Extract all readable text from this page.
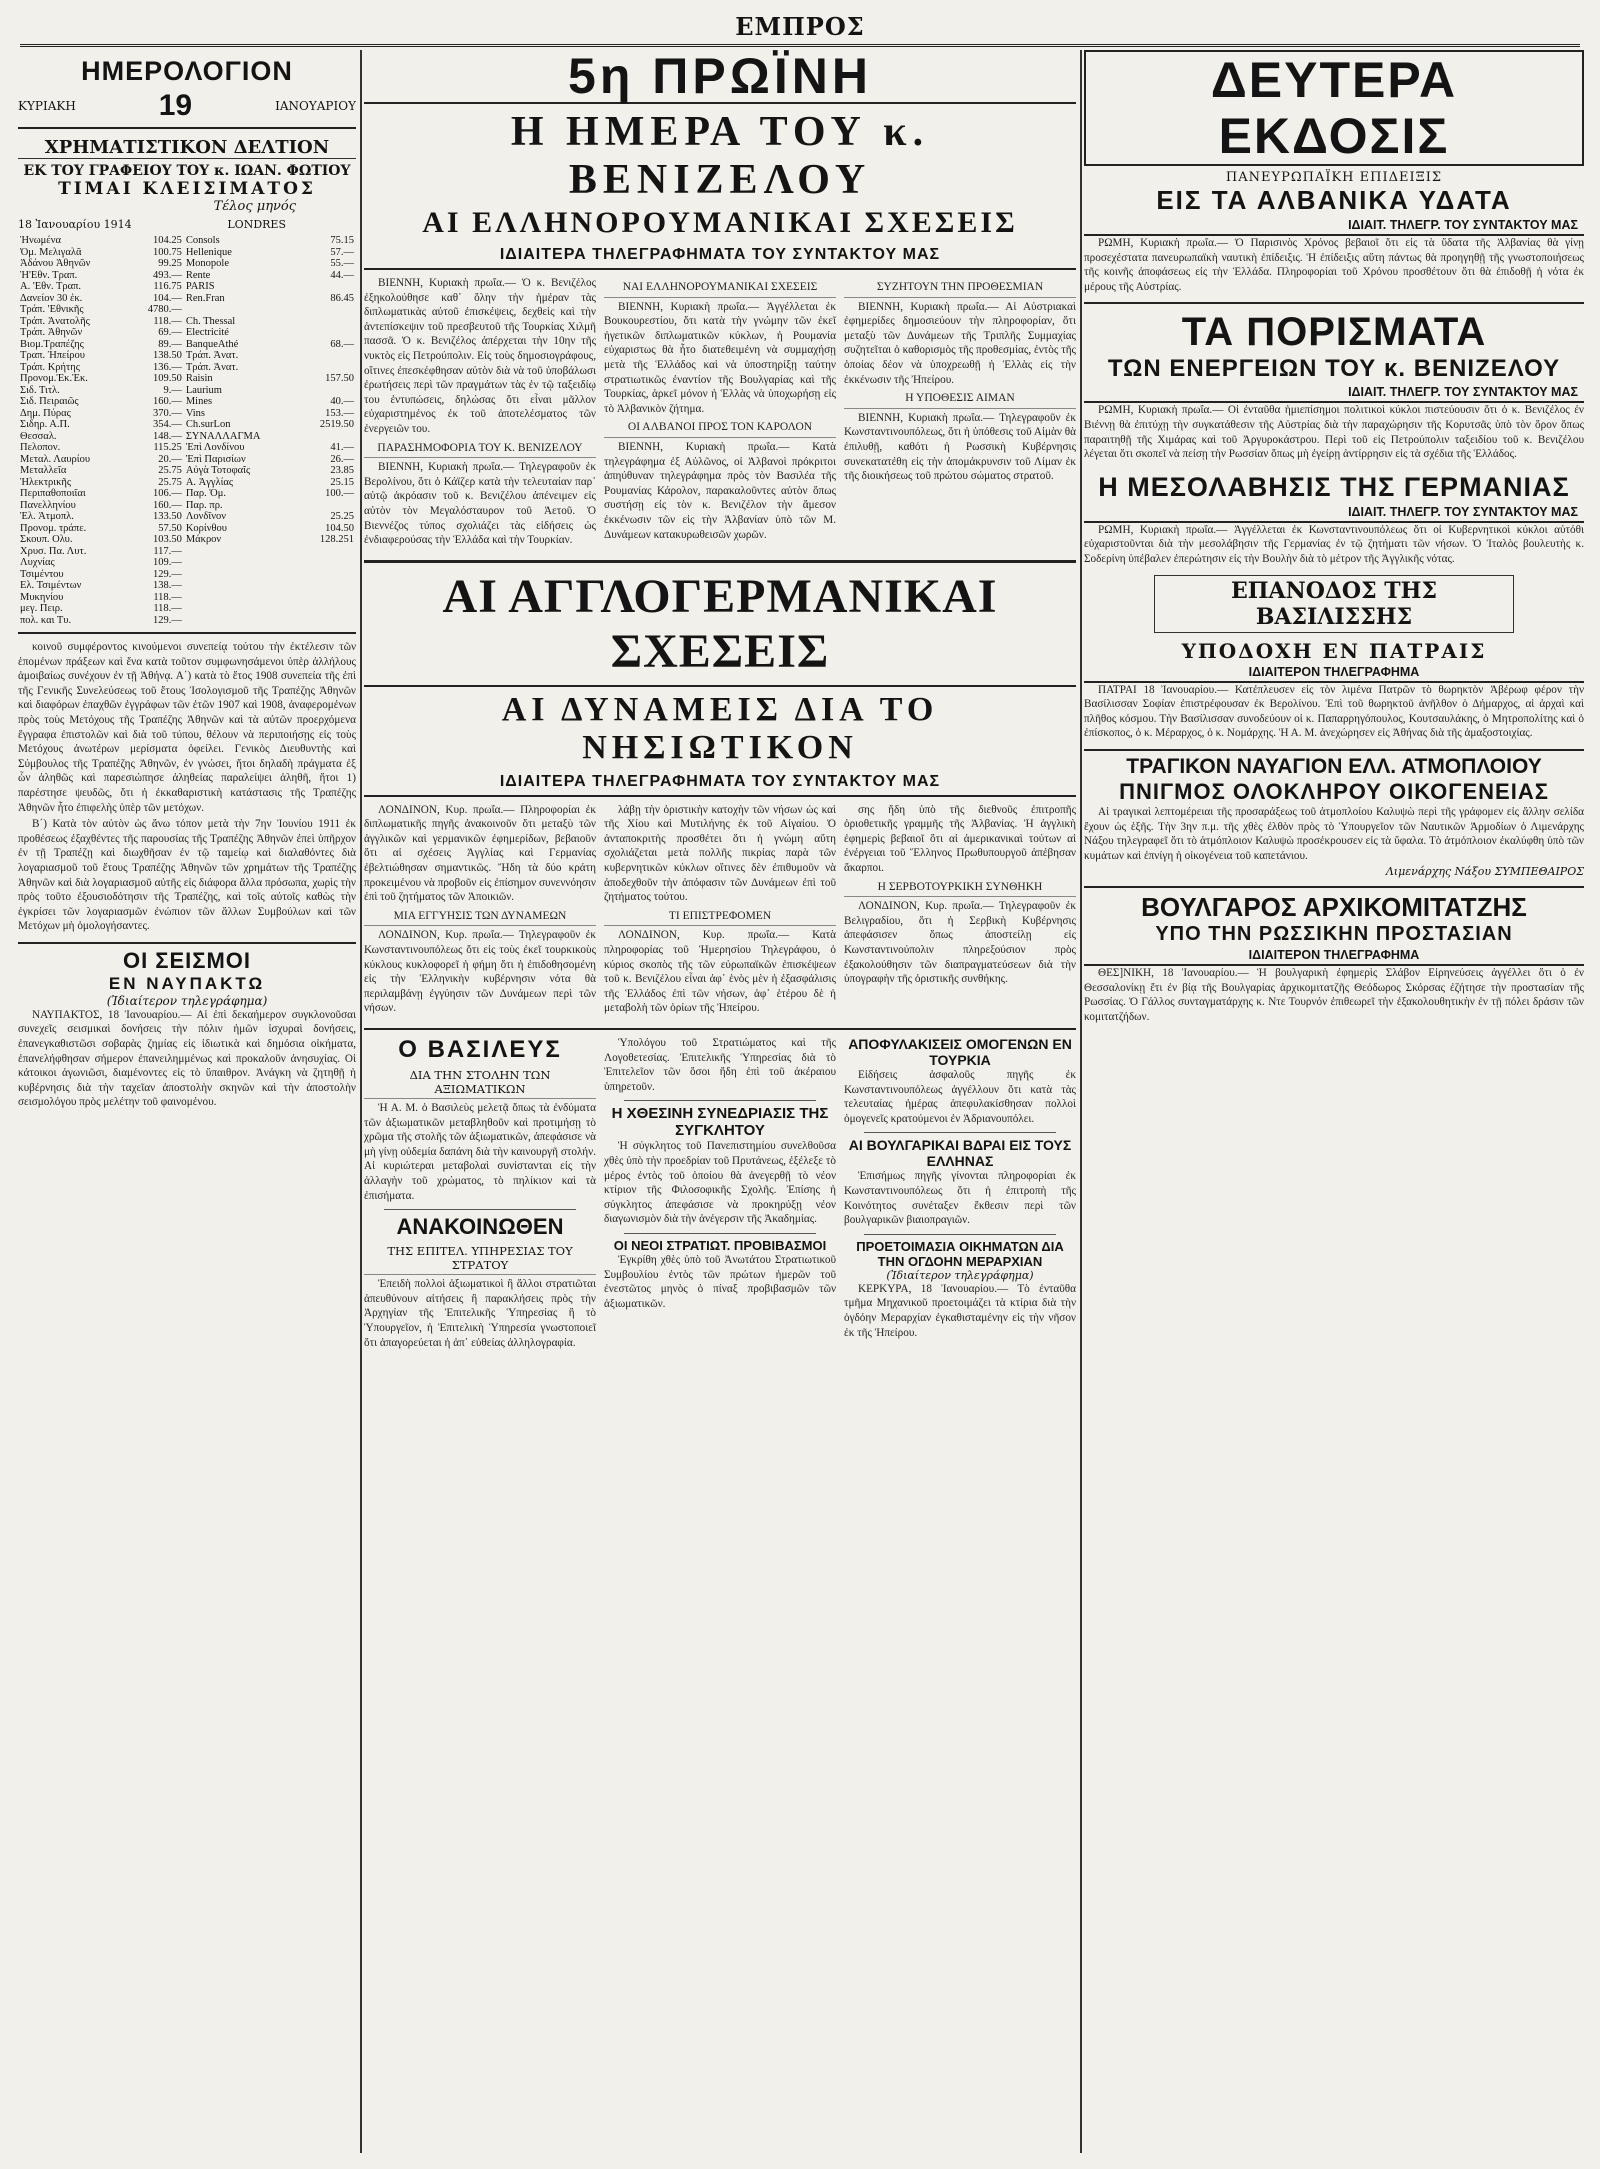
ΕΜΠΡΟΣ
ΗΜΕΡΟΛΟΓΙΟΝ
ΚΥΡΙΑΚΗ	19	ΙΑΝΟΥΑΡΙΟΥ
ΧΡΗΜΑΤΙΣΤΙΚΟΝ ΔΕΛΤΙΟΝ
ΕΚ ΤΟΥ ΓΡΑΦΕΙΟΥ ΤΟΥ κ. ΙΩΑΝ. ΦΩΤΙΟΥ
ΤΙΜΑΙ ΚΛΕΙΣΙΜΑΤΟΣ
Τέλος μηνός
18 Ἰανουαρίου 1914	LONDRES
Ἡνωμένα	104.25	Consols	75.15
Ὀμ. Μελιγαλᾶ	100.75	Hellenique	57.—
Ἀδάνου Ἀθηνῶν	99.25	Monopole	55.—
Ἡ'Εθν. Τραπ.	493.—	Rente	44.—
Α. 'Εθν. Τραπ.	116.75	PARIS	
Δανείον 30 ἐκ.	104.—	Ren.Fran	86.45
Τράπ. 'Εθνικῆς	4780.—		
Τράπ. Ἀνατολῆς	118.—	Ch. Thessal	
Τράπ. Ἀθηνῶν	69.—	Electricité	
Βιομ.Τραπέζης	89.—	BanqueAthé	68.—
Τραπ. Ἠπείρου	138.50	Τράπ. Ἀνατ.	
Τράπ. Κρήτης	136.—	Τράπ. Ἀνατ.	
Προνομ.Ἐκ.Ἐκ.	109.50	Raisin	157.50
Σιδ. Τιτλ.	9.—	Laurium	
Σιδ. Πειραιῶς	160.—	Mines	40.—
Δημ. Πύρας	370.—	Vins	153.—
Σιδηρ. Α.Π.	354.—	Ch.surLon	2519.50
Θεσσαλ.	148.—	ΣΥΝΑΛΛΑΓΜΑ	
Πελοπον.	115.25	Ἐπὶ Λονδίνου	41.—
Μεταλ. Λαυρίου	20.—	Ἐπὶ Παρισίων	26.—
Μεταλλεῖα	25.75	Αὐγὰ Τοτοφαῖς	23.85
Ἠλεκτρικῆς	25.75	Α. Ἀγγλίας	25.15
Περιπαθοποιῖαι	106.—	Παρ. Ὁμ.	100.—
Πανελληνίου	160.—	Παρ. πρ.	
Ἐλ. Ἀτμοπλ.	133.50	Λονδῖνον	25.25
Προνομ. τράπε.	57.50	Κορίνθου	104.50
Σκουπ. Ολυ.	103.50	Μάκρον	128.251
Χρυσ. Πα. Λυτ.	117.—		
Λυχνίας	109.—		
Τσιμέντου	129.—		
Ελ. Τσιμέντων	138.—		
Μυκηνίου	118.—		
μεγ. Πειρ.	118.—		
πολ. και Τυ.	129.—		

κοινοῦ συμφέροντος κινούμενοι συνεπείᾳ τούτου τὴν ἐκτέλεσιν τῶν ἑπομένων πράξεων καὶ ἕνα κατὰ τοῦτον συμφωνησάμενοι ὑπὲρ ἀλλήλους ἀμοιβαίως συνέχουν ἐν τῇ Ἀθήνᾳ. Α΄) κατὰ τὸ ἔτος 1908 συνεπεία τῆς ἐπὶ τῆς Γενικῆς Συνελεύσεως τοῦ ἔτους Ἰσολογισμοῦ τῆς Τραπέζης Ἀθηνῶν καὶ διαφόρων ἐπαχθῶν ἐγγράφων τῶν ἐτῶν 1907 καὶ 1908, ἀναφερομένων πρὸς τοὺς Μετόχους τῆς Τραπέζης Ἀθηνῶν καὶ τὰ αὐτῶν προερχόμενα ἔγγραφα ἐπιστολῶν καὶ διὰ τοῦ τύπου, θέλουν νὰ περιποιήσῃς εἰς τοὺς Μετόχους ἀνωτέρων μερίσματα ὀφείλει. Γενικὸς Διευθυντὴς καὶ Σύμβουλος τῆς Τραπέζης Ἀθηνῶν, ἐν γνώσει, ἤτοι δηλαδὴ πράγματα ἐξ ὧν ἀληθῶς καὶ παρεσιώπησε ἀληθείας παραλείψει ἀληθῆ, ἤτοι 1) παρέστησε ψευδῶς, ὅτι ἡ ἐκκαθαριστικὴ κατάστασις τῆς Τραπέζης Ἀθηνῶν ἦτο ἐπιφελὴς ὑπὲρ τῶν μετόχων.

Β΄) Κατὰ τὸν αὐτὸν ὡς ἄνω τόπον μετὰ τὴν 7ην Ἰουνίου 1911 ἐκ προθέσεως ἐξαχθέντες τῆς παρουσίας τῆς Τραπέζης Ἀθηνῶν ἐπεὶ ὑπῆρχον ἐν τῇ Τραπέζῃ καὶ διωχθῆσαν ἐν τῷ ταμείῳ καὶ διαλαθόντες διὰ λογαριασμοῦ τοῦ ἔτους Τραπέζης Ἀθηνῶν τῶν χρημάτων τῆς Τραπέζης Ἀθηνῶν καὶ διὰ λογαριασμοῦ αὐτῆς εἰς διάφορα ἄλλα πρόσωπα, χωρὶς τὴν πρὸς τοῦτο ἐξουσιοδότησιν τῆς Τραπέζης, καὶ τοῖς αὐτοῖς καθὼς τὴν ἐγκρίσει τῶν λογαριασμῶν ἐνώπιον τῶν ἄλλων Συμβούλων καὶ τῶν Μετόχων μὴ ὁμολογήσαντες.

ΟΙ ΣΕΙΣΜΟΙ
ΕΝ ΝΑΥΠΑΚΤΩ
(Ἰδιαίτερον τηλεγράφημα)

ΝΑΥΠΑΚΤΟΣ, 18 Ἰανουαρίου.— Αἱ ἐπὶ δεκαήμερον συγκλονοῦσαι συνεχεῖς σεισμικαὶ δονήσεις τὴν πόλιν ἡμῶν ἰσχυραὶ δονήσεις, ἐπανεγκαθιστῶσι σοβαρὰς ζημίας εἰς ἰδιωτικὰ καὶ δημόσια οἰκήματα, ἐπανελήφθησαν σήμερον ἐπανειλημμένως καὶ προκαλοῦν ἀνησυχίας. Οἱ κάτοικοι ἀγωνιῶσι, διαμένοντες εἰς τὸ ὕπαιθρον. Ἀνάγκη νὰ ζητηθῇ ἡ κυβέρνησις διὰ τὴν ταχεῖαν ἀποστολὴν σκηνῶν καὶ τὴν ἀποστολὴν σεισμολόγου πρὸς μελέτην τοῦ φαινομένου.

5η ΠΡΩΪΝΗ
Η ΗΜΕΡΑ ΤΟΥ κ. ΒΕΝΙΖΕΛΟΥ
ΑΙ ΕΛΛΗΝΟΡΟΥΜΑΝΙΚΑΙ ΣΧΕΣΕΙΣ
ΙΔΙΑΙΤΕΡΑ ΤΗΛΕΓΡΑΦΗΜΑΤΑ ΤΟΥ ΣΥΝΤΑΚΤΟΥ ΜΑΣ

ΒΙΕΝΝΗ, Κυριακὴ πρωΐα.— Ὁ κ. Βενιζέλος ἐξηκολούθησε καθ᾽ ὅλην τὴν ἡμέραν τὰς διπλωματικὰς αὐτοῦ ἐπισκέψεις, δεχθεὶς καὶ τὴν ἀντεπίσκεψιν τοῦ πρεσβευτοῦ τῆς Τουρκίας Χιλμῆ πασσᾶ. Ὁ κ. Βενιζέλος ἀπέρχεται τὴν 10ην τῆς νυκτὸς εἰς Πετρούπολιν. Εἰς τοὺς δημοσιογράφους, οἵτινες ἐπεσκέφθησαν αὐτὸν διὰ νὰ τοῦ ὑποβάλωσι ἐρωτήσεις περὶ τῶν πραγμάτων τὰς ἐν τῷ ταξειδίῳ του ἐντυπώσεις, δηλώσας ὅτι εἶναι μᾶλλον εὐχαριστημένος ἐκ τοῦ ἀποτελέσματος τῶν ἐνεργειῶν του.

ΠΑΡΑΣΗΜΟΦΟΡΙΑ ΤΟΥ Κ. ΒΕΝΙΖΕΛΟΥ

ΒΙΕΝΝΗ, Κυριακὴ πρωΐα.— Τηλεγραφοῦν ἐκ Βερολίνου, ὅτι ὁ Κάϊζερ κατὰ τὴν τελευταίαν παρ᾽ αὐτῷ ἀκρόασιν τοῦ κ. Βενιζέλου ἀπένειμεν εἰς αὐτὸν τὸν Μεγαλόσταυρον τοῦ Ἀετοῦ. Ὁ Βιεννέζος τύπος σχολιάζει τὰς εἰδήσεις ὡς ἐνδιαφερούσας τὴν Ἑλλάδα καὶ τὴν Τουρκίαν.

ΝΑΙ ΕΛΛΗΝΟΡΟΥΜΑΝΙΚΑΙ ΣΧΕΣΕΙΣ

ΒΙΕΝΝΗ, Κυριακὴ πρωΐα.— Ἀγγέλλεται ἐκ Βουκουρεστίου, ὅτι κατὰ τὴν γνώμην τῶν ἐκεῖ ἠγετικῶν διπλωματικῶν κύκλων, ἡ Ρουμανία εὐχαριστως θὰ ἦτο διατεθειμένη νὰ συμμαχήσῃ μετὰ τῆς Ἑλλάδος καὶ νὰ ὑποστηρίξῃ ταύτην στρατιωτικῶς ἐναντίον τῆς Βουλγαρίας καὶ τῆς Τουρκίας, ἀρκεῖ μόνον ἡ Ἑλλὰς νὰ ὑποχωρήσῃ εἰς τὸ Ἀλβανικὸν ζήτημα.

ΟΙ ΑΛΒΑΝΟΙ ΠΡΟΣ ΤΟΝ ΚΑΡΟΛΟΝ

ΒΙΕΝΝΗ, Κυριακὴ πρωΐα.— Κατὰ τηλεγράφημα ἐξ Αὐλῶνος, οἱ Ἀλβανοὶ πρόκριτοι ἀπηύθυναν τηλεγράφημα πρὸς τὸν Βασιλέα τῆς Ρουμανίας Κάρολον, παρακαλοῦντες αὐτὸν ὅπως συστήσῃ εἰς τὸν κ. Βενιζέλον τὴν ἄμεσον ἐκκένωσιν τῶν εἰς τὴν Ἀλβανίαν ὑπὸ τῶν Μ. Δυνάμεων κατακυρωθεισῶν χωρῶν.

ΣΥΖΗΤΟΥΝ ΤΗΝ ΠΡΟΘΕΣΜΙΑΝ

ΒΙΕΝΝΗ, Κυριακὴ πρωΐα.— Αἱ Αὐστριακαὶ ἐφημερίδες δημοσιεύουν τὴν πληροφορίαν, ὅτι μεταξὺ τῶν Δυνάμεων τῆς Τριπλῆς Συμμαχίας συζητεῖται ὁ καθορισμὸς τῆς προθεσμίας, ἐντὸς τῆς ὁποίας δέον νὰ ὑποχρεωθῇ ἡ Ἑλλὰς εἰς τὴν ἐκκένωσιν τῆς Ἠπείρου.

Η ΥΠΟΘΕΣΙΣ ΑΙΜΑΝ

ΒΙΕΝΝΗ, Κυριακὴ πρωΐα.— Τηλεγραφοῦν ἐκ Κωνσταντινουπόλεως, ὅτι ἡ ὑπόθεσις τοῦ Αἰμὰν θὰ ἐπιλυθῇ, καθότι ἡ Ρωσσικὴ Κυβέρνησις συνεκατατέθη εἰς τὴν ἀπομάκρυνσιν τοῦ Λίμαν ἐκ τῆς διοικήσεως τοῦ πρώτου σώματος στρατοῦ.

ΑΙ ΑΓΓΛΟΓΕΡΜΑΝΙΚΑΙ ΣΧΕΣΕΙΣ
ΑΙ ΔΥΝΑΜΕΙΣ ΔΙΑ ΤΟ ΝΗΣΙΩΤΙΚΟΝ
ΙΔΙΑΙΤΕΡΑ ΤΗΛΕΓΡΑΦΗΜΑΤΑ ΤΟΥ ΣΥΝΤΑΚΤΟΥ ΜΑΣ

ΛΟΝΔΙΝΟΝ, Κυρ. πρωΐα.— Πληροφορίαι ἐκ διπλωματικῆς πηγῆς ἀνακοινοῦν ὅτι μεταξὺ τῶν ἀγγλικῶν καὶ γερμανικῶν ἐφημερίδων, βεβαιοῦν ὅτι αἱ σχέσεις Ἀγγλίας καὶ Γερμανίας ἐβελτιώθησαν σημαντικῶς. Ἤδη τὰ δύο κράτη προκειμένου νὰ προβοῦν εἰς ἐπίσημον συνεννόησιν ἐπὶ τοῦ ζητήματος τῶν Ἀποικιῶν.

ΜΙΑ ΕΓΓΥΗΣΙΣ ΤΩΝ ΔΥΝΑΜΕΩΝ

ΛΟΝΔΙΝΟΝ, Κυρ. πρωΐα.— Τηλεγραφοῦν ἐκ Κωνσταντινουπόλεως ὅτι εἰς τοὺς ἐκεῖ τουρκικοὺς κύκλους κυκλοφορεῖ ἡ φήμη ὅτι ἡ ἐπιδοθησομένη εἰς τὴν Ἑλληνικὴν κυβέρνησιν νότα θὰ περιλαμβάνῃ ἐγγύησιν τῶν Δυνάμεων περὶ τῶν νήσων.

λάβῃ τὴν ὁριστικὴν κατοχὴν τῶν νήσων ὡς καὶ τῆς Χίου καὶ Μυτιλήνης ἐκ τοῦ Αἰγαίου. Ὁ ἀνταποκριτὴς προσθέτει ὅτι ἡ γνώμη αὕτη σχολιάζεται μετὰ πολλῆς πικρίας παρὰ τῶν κυβερνητικῶν κύκλων οἵτινες δὲν ἐπιθυμοῦν νὰ ἀποδεχθοῦν τὴν ἀπόφασιν τῶν Δυνάμεων ἐπὶ τοῦ ζητήματος τούτου.

ΤΙ ΕΠΙΣΤΡΕΦΟΜΕΝ

ΛΟΝΔΙΝΟΝ, Κυρ. πρωΐα.— Κατὰ πληροφορίας τοῦ Ἡμερησίου Τηλεγράφου, ὁ κύριος σκοπὸς τῆς τῶν εὐρωπαϊκῶν ἐπισκέψεων τοῦ κ. Βενιζέλου εἶναι ἀφ᾽ ἑνὸς μὲν ἡ ἐξασφάλισις τῆς Ἑλλάδος ἐπὶ τῶν νήσων, ἀφ᾽ ἑτέρου δὲ ἡ μεταβολὴ τῶν ὁρίων τῆς Ἠπείρου.

σης ἤδη ὑπὸ τῆς διεθνοῦς ἐπιτροπῆς ὁριοθετικῆς γραμμῆς τῆς Ἀλβανίας. Ἡ ἀγγλικὴ ἐφημερὶς βεβαιοῖ ὅτι αἱ ἀμερικανικαὶ τούτων αἱ ἐνέργειαι τοῦ Ἕλληνος Πρωθυπουργοῦ ἀπέβησαν ἄκαρποι.

Η ΣΕΡΒΟΤΟΥΡΚΙΚΗ ΣΥΝΘΗΚΗ

ΛΟΝΔΙΝΟΝ, Κυρ. πρωΐα.— Τηλεγραφοῦν ἐκ Βελιγραδίου, ὅτι ἡ Σερβικὴ Κυβέρνησις ἀπεφάσισεν ὅπως ἀποστείλῃ εἰς Κωνσταντινούπολιν πληρεξούσιον πρὸς ἐξακολούθησιν τῶν διαπραγματεύσεων διὰ τὴν ὑπογραφὴν τῆς ὁριστικῆς συνθήκης.

Ο ΒΑΣΙΛΕΥΣ
ΔΙΑ ΤΗΝ ΣΤΟΛΗΝ ΤΩΝ ΑΞΙΩΜΑΤΙΚΩΝ

Ἡ Α. Μ. ὁ Βασιλεὺς μελετᾷ ὅπως τὰ ἐνδύματα τῶν ἀξιωματικῶν μεταβληθοῦν καὶ προτιμήσῃ τὸ χρῶμα τῆς στολῆς τῶν ἀξιωματικῶν, ἀπεφάσισε νὰ μὴ γίνῃ οὐδεμία δαπάνη διὰ τὴν καινουργῆ στολήν. Αἱ κυριώτεραι μεταβολαὶ συνίστανται εἰς τὴν ἀλλαγὴν τοῦ χρώματος, τὸ πηλίκιον καὶ τὰ ἐπισήματα.

ΑΝΑΚΟΙΝΩΘΕΝ
ΤΗΣ ΕΠΙΤΕΛ. ΥΠΗΡΕΣΙΑΣ ΤΟΥ ΣΤΡΑΤΟΥ

Ἐπειδὴ πολλοὶ ἀξιωματικοὶ ἢ ἄλλοι στρατιῶται ἀπευθύνουν αἰτήσεις ἢ παρακλήσεις πρὸς τὴν Ἀρχηγίαν τῆς Ἐπιτελικῆς Ὑπηρεσίας ἢ τὸ Ὑπουργεῖον, ἡ Ἐπιτελικὴ Ὑπηρεσία γνωστοποιεῖ ὅτι ἀπαγορεύεται ἡ ἀπ᾽ εὐθείας ἀλληλογραφία.

Ὑπολόγου τοῦ Στρατιώματος καὶ τῆς Λογοθετεσίας. Ἐπιτελικῆς Ὑπηρεσίας διὰ τὸ Ἐπιτελεῖον τῶν ὅσοι ἤδη ἐπὶ τοῦ ἀκέραιου ὑπηρετοῦν.

Η ΧΘΕΣΙΝΗ ΣΥΝΕΔΡΙΑΣΙΣ ΤΗΣ ΣΥΓΚΛΗΤΟΥ

Ἡ σύγκλητος τοῦ Πανεπιστημίου συνελθοῦσα χθὲς ὑπὸ τὴν προεδρίαν τοῦ Πρυτάνεως, ἐξέλεξε τὸ μέρος ἐντὸς τοῦ ὁποίου θὰ ἀνεγερθῇ τὸ νέον κτίριον τῆς Φιλοσοφικῆς Σχολῆς. Ἐπίσης ἡ σύγκλητος ἀπεφάσισε νὰ προκηρύξῃ νέον διαγωνισμὸν διὰ τὴν ἀνέγερσιν τῆς Ἀκαδημίας.

ΟΙ ΝΕΟΙ ΣΤΡΑΤΙΩΤ. ΠΡΟΒΙΒΑΣΜΟΙ

Ἐγκρίθη χθὲς ὑπὸ τοῦ Ἀνωτάτου Στρατιωτικοῦ Συμβουλίου ἐντὸς τῶν πρώτων ἡμερῶν τοῦ ἐνεστῶτος μηνὸς ὁ πίναξ προβιβασμῶν τῶν ἀξιωματικῶν.

ΑΠΟΦΥΛΑΚΙΣΕΙΣ ΟΜΟΓΕΝΩΝ ΕΝ ΤΟΥΡΚΙΑ

Εἰδήσεις ἀσφαλοῦς πηγῆς ἐκ Κωνσταντινουπόλεως ἀγγέλλουν ὅτι κατὰ τὰς τελευταίας ἡμέρας ἀπεφυλακίσθησαν πολλοὶ ὁμογενεῖς κρατούμενοι ἐν Ἀδριανουπόλει.

ΑΙ ΒΟΥΛΓΑΡΙΚΑΙ ΒΔΡΑΙ ΕΙΣ ΤΟΥΣ ΕΛΛΗΝΑΣ

Ἐπισήμως πηγῆς γίνονται πληροφορίαι ἐκ Κωνσταντινουπόλεως ὅτι ἡ ἐπιτροπὴ τῆς Κοινότητος συνέταξεν ἔκθεσιν περὶ τῶν βουλγαρικῶν βιαιοπραγιῶν.

ΠΡΟΕΤΟΙΜΑΣΙΑ ΟΙΚΗΜΑΤΩΝ ΔΙΑ ΤΗΝ ΟΓΔΟΗΝ ΜΕΡΑΡΧΙΑΝ
(Ἰδιαίτερον τηλεγράφημα)

ΚΕΡΚΥΡΑ, 18 Ἰανουαρίου.— Τὸ ἐνταῦθα τμῆμα Μηχανικοῦ προετοιμάζει τὰ κτίρια διὰ τὴν ὀγδόην Μεραρχίαν ἐγκαθισταμένην εἰς τὴν νῆσον ἐκ τῆς Ἠπείρου.

ΔΕΥΤΕΡΑ ΕΚΔΟΣΙΣ
ΠΑΝΕΥΡΩΠΑΪΚΗ ΕΠΙΔΕΙΞΙΣ
ΕΙΣ ΤΑ ΑΛΒΑΝΙΚΑ ΥΔΑΤΑ
ΙΔΙΑΙΤ. ΤΗΛΕΓΡ. ΤΟΥ ΣΥΝΤΑΚΤΟΥ ΜΑΣ

ΡΩΜΗ, Κυριακὴ πρωΐα.— Ὁ Παρισινὸς Χρόνος βεβαιοῖ ὅτι εἰς τὰ ὕδατα τῆς Ἀλβανίας θὰ γίνῃ προσεχέστατα πανευρωπαϊκὴ ναυτικὴ ἐπίδειξις. Ἡ ἐπίδειξις αὕτη πάντως θὰ προηγηθῇ τῆς γνωστοποιήσεως τῆς κοινῆς ἀποφάσεως εἰς τὴν Ἑλλάδα. Πληροφορίαι τοῦ Χρόνου προσθέτουν ὅτι θὰ ἐπιδοθῇ ἡ νότα ἐκ μέρους τῆς Αὐστρίας.

ΤΑ ΠΟΡΙΣΜΑΤΑ
ΤΩΝ ΕΝΕΡΓΕΙΩΝ ΤΟΥ κ. ΒΕΝΙΖΕΛΟΥ
ΙΔΙΑΙΤ. ΤΗΛΕΓΡ. ΤΟΥ ΣΥΝΤΑΚΤΟΥ ΜΑΣ

ΡΩΜΗ, Κυριακὴ πρωΐα.— Οἱ ἐνταῦθα ἡμιεπίσημοι πολιτικοὶ κύκλοι πιστεύουσιν ὅτι ὁ κ. Βενιζέλος ἐν Βιέννῃ θὰ ἐπιτύχῃ τὴν συγκατάθεσιν τῆς Αὐστρίας διὰ τὴν παραχώρησιν τῆς Κορυτσᾶς ὑπὸ τὸν ὅρον ὅπως παραιτηθῇ τῆς Χιμάρας καὶ τοῦ Ἀργυροκάστρου. Περὶ τοῦ εἰς Πετρούπολιν ταξειδίου τοῦ κ. Βενιζέλου λέγεται ὅτι σκοπεῖ νὰ πείσῃ τὴν Ρωσσίαν ὅπως μὴ ἐγείρῃ ἀντίρρησιν εἰς τὰ σχέδια τῆς Ἑλλάδος.

Η ΜΕΣΟΛΑΒΗΣΙΣ ΤΗΣ ΓΕΡΜΑΝΙΑΣ
ΙΔΙΑΙΤ. ΤΗΛΕΓΡ. ΤΟΥ ΣΥΝΤΑΚΤΟΥ ΜΑΣ

ΡΩΜΗ, Κυριακὴ πρωΐα.— Ἀγγέλλεται ἐκ Κωνσταντινουπόλεως ὅτι οἱ Κυβερνητικοὶ κύκλοι αὐτόθι εὐχαριστοῦνται διὰ τὴν μεσολάβησιν τῆς Γερμανίας ἐν τῷ ζητήματι τῶν νήσων. Ὁ Ἰταλὸς βουλευτὴς κ. Σοδερίνη ὑπέβαλεν ἐπερώτησιν εἰς τὴν Βουλὴν διὰ τὸ μέτρον τῆς Ἀγγλικῆς νότας.

ΕΠΑΝΟΔΟΣ ΤΗΣ ΒΑΣΙΛΙΣΣΗΣ
ΥΠΟΔΟΧΗ ΕΝ ΠΑΤΡΑΙΣ
ΙΔΙΑΙΤΕΡΟΝ ΤΗΛΕΓΡΑΦΗΜΑ

ΠΑΤΡΑΙ 18 Ἰανουαρίου.— Κατέπλευσεν εἰς τὸν λιμένα Πατρῶν τὸ θωρηκτὸν Ἀβέρωφ φέρον τὴν Βασίλισσαν Σοφίαν ἐπιστρέφουσαν ἐκ Βερολίνου. Ἐπὶ τοῦ θωρηκτοῦ ἀνῆλθον ὁ Δήμαρχος, αἱ ἀρχαὶ καὶ πλῆθος κόσμου. Τὴν Βασίλισσαν συνοδεύουν οἱ κ. Παπαρρηγόπουλος, Κουτσαυλάκης, ὁ Μητροπολίτης καὶ ὁ ἐπίσκοπος, ὁ κ. Μέραρχος, ὁ κ. Νομάρχης. Ἡ Α. Μ. ἀνεχώρησεν εἰς Ἀθήνας διὰ τῆς ἀμαξοστοιχίας.

ΤΡΑΓΙΚΟΝ ΝΑΥΑΓΙΟΝ ΕΛΛ. ΑΤΜΟΠΛΟΙΟΥ
ΠΝΙΓΜΟΣ ΟΛΟΚΛΗΡΟΥ ΟΙΚΟΓΕΝΕΙΑΣ

Αἱ τραγικαὶ λεπτομέρειαι τῆς προσαράξεως τοῦ ἀτμοπλοίου Καλυψὼ περὶ τῆς γράφομεν εἰς ἄλλην σελίδα ἔχουν ὡς ἑξῆς. Τὴν 3ην π.μ. τῆς χθὲς ἐλθὸν πρὸς τὸ Ὑπουργεῖον τῶν Ναυτικῶν Ἀρμοδίων ὁ Λιμενάρχης Νάξου τηλεγραφεῖ ὅτι τὸ ἀτμόπλοιον Καλυψὼ προσέκρουσεν εἰς τὰ ὕφαλα. Τὸ ἀτμόπλοιον ἐκαλύφθη ὑπὸ τῶν κυμάτων καὶ ἐπνίγη ἡ οἰκογένεια τοῦ καπετάνιου.

Λιμενάρχης Νάξου ΣΥΜΠΕΘΑΙΡΟΣ
ΒΟΥΛΓΑΡΟΣ ΑΡΧΙΚΟΜΙΤΑΤΖΗΣ
ΥΠΟ ΤΗΝ ΡΩΣΣΙΚΗΝ ΠΡΟΣΤΑΣΙΑΝ
ΙΔΙΑΙΤΕΡΟΝ ΤΗΛΕΓΡΑΦΗΜΑ

ΘΕΣ]ΝΙΚΗ, 18 Ἰανουαρίου.— Ἡ βουλγαρικὴ ἐφημερὶς Σλάβον Εἰρηνεύσεις ἀγγέλλει ὅτι ὁ ἐν Θεσσαλονίκῃ ἔτι ἐν βίᾳ τῆς Βουλγαρίας ἀρχικομιτατζῆς Θεόδωρος Σκόρσας ἐζήτησε τὴν προστασίαν τῆς Ρωσσίας. Ὁ Γάλλος συνταγματάρχης κ. Ντε Τουρνόν ἐπιθεωρεῖ τὴν ἐξακολουθητικὴν ἐν τῇ πόλει δράσιν τῶν κομιτατζήδων.
